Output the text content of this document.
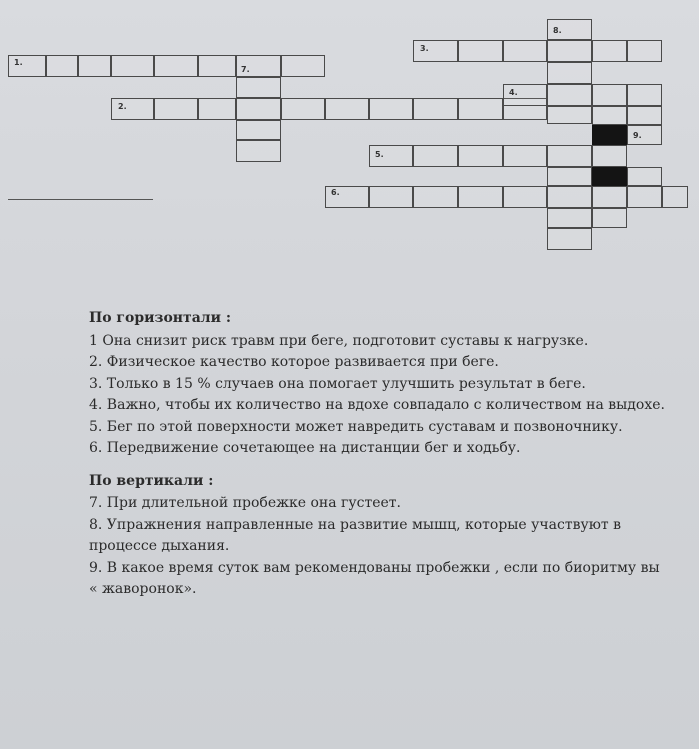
1.
2.
3.
4.
5.
6.
7.
8.
9.
По горизонтали :

1 Она снизит риск травм при беге, подготовит суставы к нагрузке.

2. Физическое качество которое развивается при беге.

3. Только в 15 % случаев она помогает улучшить результат в беге.

4. Важно, чтобы их количество на вдохе совпадало с количеством на выдохе.

5. Бег по этой поверхности может навредить суставам и позвоночнику.

6. Передвижение сочетающее на дистанции бег и ходьбу.

По вертикали :

7. При длительной пробежке она густеет.

8. Упражнения направленные на развитие мышц, которые участвуют в

процессе дыхания.

9. В какое время суток вам рекомендованы пробежки , если по биоритму вы

« жаворонок».
